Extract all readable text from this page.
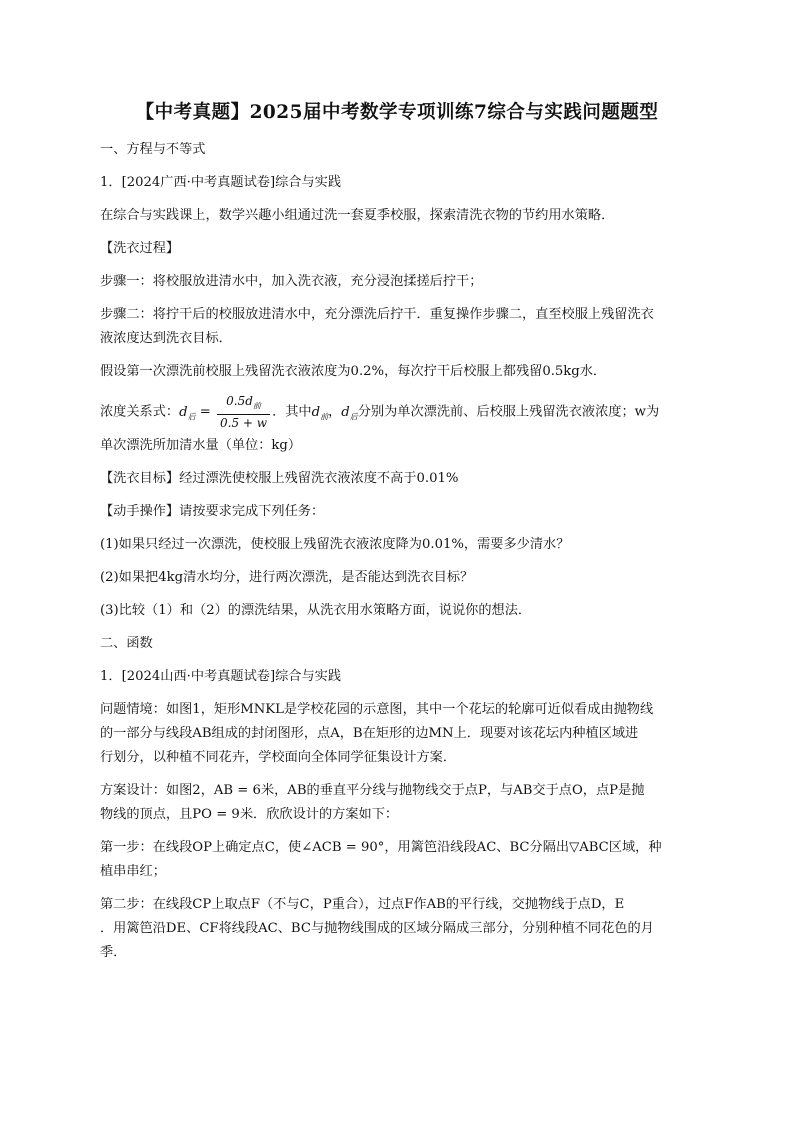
【中考真题】2025届中考数学专项训练7综合与实践问题题型
一、方程与不等式
1．[2024广西·中考真题试卷]综合与实践
在综合与实践课上，数学兴趣小组通过洗一套夏季校服，探索清洗衣物的节约用水策略．
【洗衣过程】
步骤一：将校服放进清水中，加入洗衣液，充分浸泡揉搓后拧干；
步骤二：将拧干后的校服放进清水中，充分漂洗后拧干．重复操作步骤二，直至校服上残留洗衣
液浓度达到洗衣目标．
假设第一次漂洗前校服上残留洗衣液浓度为0.2%，每次拧干后校服上都残留0.5kg水．
浓度关系式：$d_后 = \frac{0.5d_前}{0.5 + w}$ ．其中$d_前$，$d_后$分别为单次漂洗前、后校服上残留洗衣液浓度；w为
单次漂洗所加清水量（单位：kg）
【洗衣目标】经过漂洗使校服上残留洗衣液浓度不高于0.01%
【动手操作】请按要求完成下列任务：
(1)如果只经过一次漂洗，使校服上残留洗衣液浓度降为0.01%，需要多少清水？
(2)如果把4kg清水均分，进行两次漂洗，是否能达到洗衣目标？
(3)比较（1）和（2）的漂洗结果，从洗衣用水策略方面，说说你的想法．
二、函数
1．[2024山西·中考真题试卷]综合与实践
问题情境：如图1，矩形MNKL是学校花园的示意图，其中一个花坛的轮廓可近似看成由抛物线
的一部分与线段AB组成的封闭图形，点A，B在矩形的边MN上．现要对该花坛内种植区域进
行划分，以种植不同花卉，学校面向全体同学征集设计方案．
方案设计：如图2，AB = 6米，AB的垂直平分线与抛物线交于点P，与AB交于点O，点P是抛
物线的顶点，且PO = 9米．欣欣设计的方案如下：
第一步：在线段OP上确定点C，使∠ACB = 90°，用篱笆沿线段AC、BC分隔出▽ABC区域，种
植串串红；
第二步：在线段CP上取点F（不与C，P重合），过点F作AB的平行线，交抛物线于点D，E
．用篱笆沿DE、CF将线段AC、BC与抛物线围成的区域分隔成三部分，分别种植不同花色的月
季．
